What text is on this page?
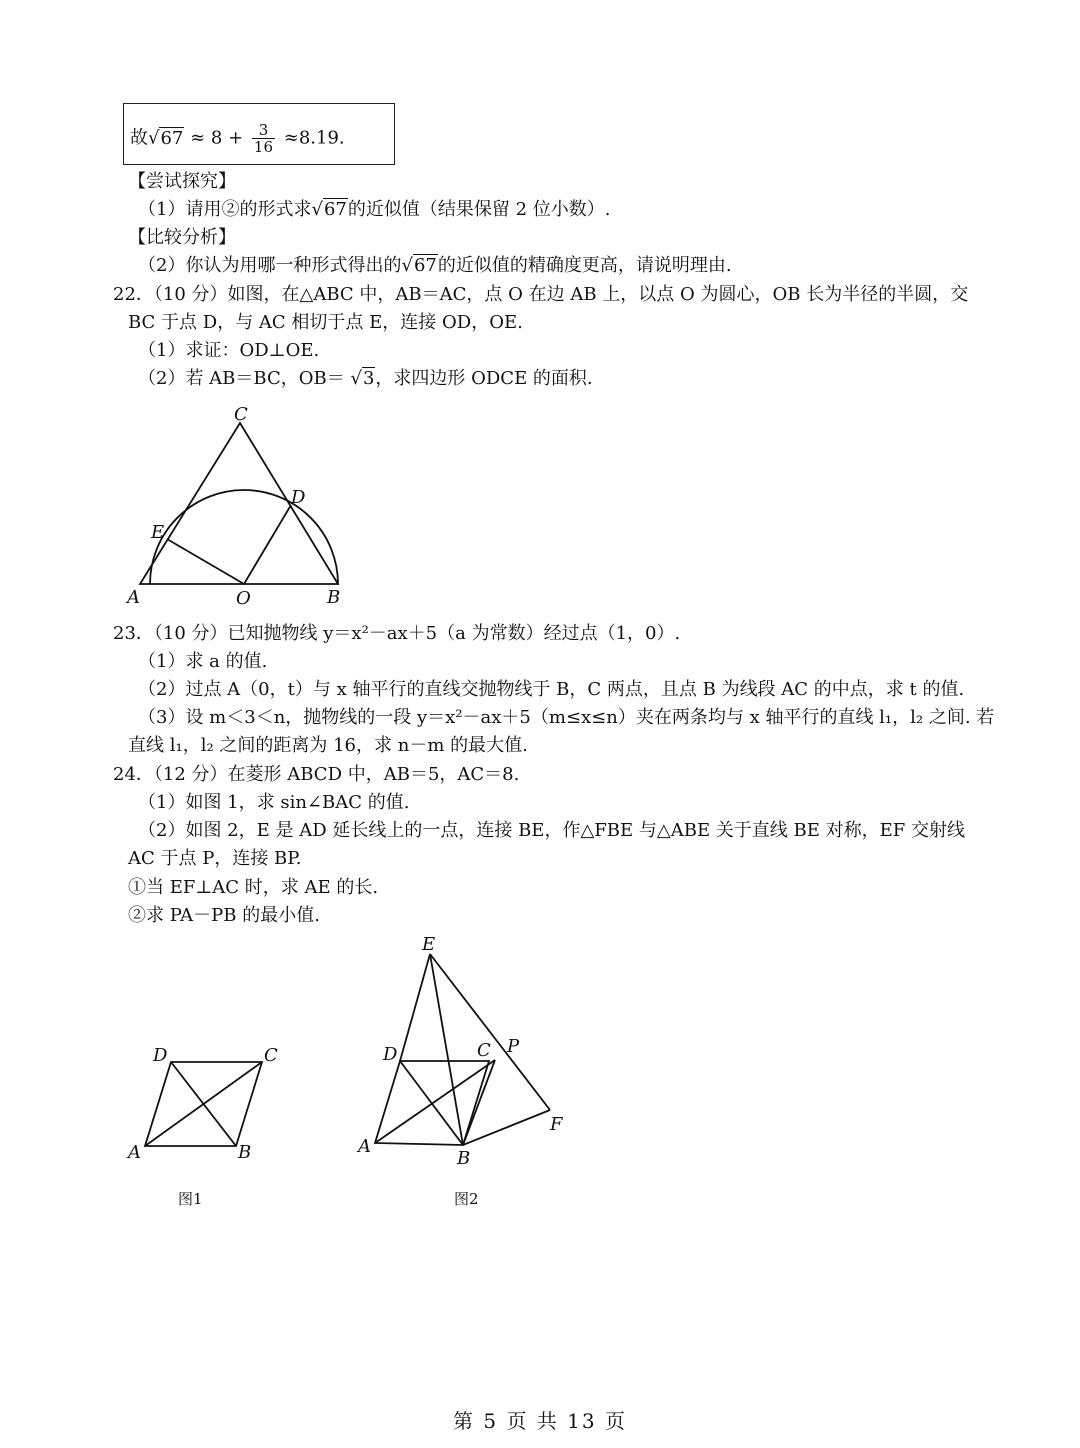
故$√67 \approx 8 + \frac{3}{16} \approx 8.19$.
【尝试探究】
（1）请用②的形式求√67的近似值（结果保留 2 位小数）.
【比较分析】
（2）你认为用哪一种形式得出的√67的近似值的精确度更高，请说明理由.
22．（10 分）如图，在△ABC 中，AB＝AC，点 O 在边 AB 上，以点 O 为圆心，OB 长为半径的半圆，交
BC 于点 D，与 AC 相切于点 E，连接 OD，OE.
（1）求证：OD⊥OE.
（2）若 AB＝BC，OB＝ √3，求四边形 ODCE 的面积.
C
D
E
A	O	B
23．（10 分）已知抛物线 y＝x²－ax＋5（a 为常数）经过点（1，0）.
（1）求 a 的值.
（2）过点 A（0，t）与 x 轴平行的直线交抛物线于 B，C 两点，且点 B 为线段 AC 的中点，求 t 的值.
（3）设 m＜3＜n，抛物线的一段 y＝x²－ax＋5（m≤x≤n）夹在两条均与 x 轴平行的直线 l₁，l₂ 之间. 若
直线 l₁，l₂ 之间的距离为 16，求 n－m 的最大值.
24．（12 分）在菱形 ABCD 中，AB＝5，AC＝8.
（1）如图 1，求 sin∠BAC 的值.
（2）如图 2，E 是 AD 延长线上的一点，连接 BE，作△FBE 与△ABE 关于直线 BE 对称，EF 交射线
AC 于点 P，连接 BP.
①当 EF⊥AC 时，求 AE 的长.
②求 PA－PB 的最小值.
D	C
A	B
图1
E
D	C P
F
A
B
图2
第 5 页 共 13 页
